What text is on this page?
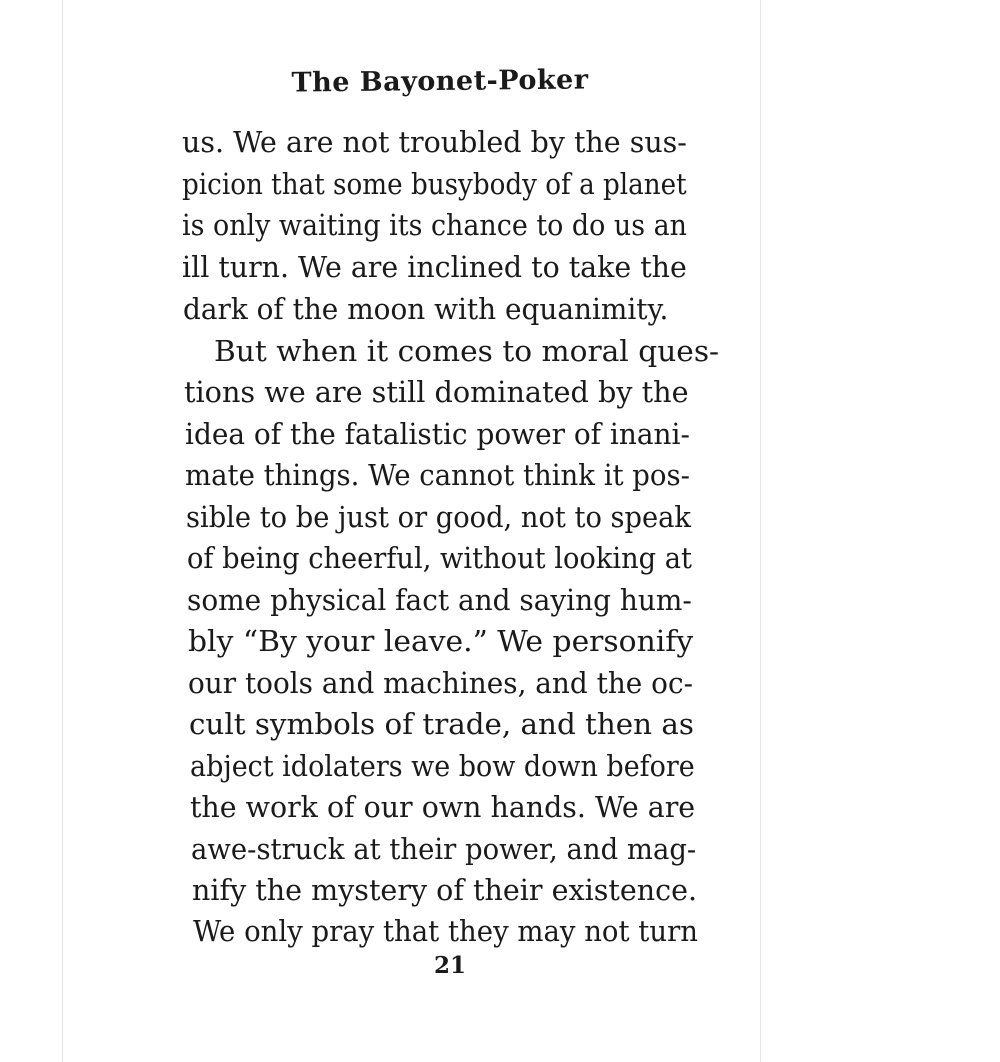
The Bayonet-Poker
us. We are not troubled by the sus-
picion that some busybody of a planet
is only waiting its chance to do us an
ill turn. We are inclined to take the
dark of the moon with equanimity.
But when it comes to moral ques-
tions we are still dominated by the
idea of the fatalistic power of inani-
mate things. We cannot think it pos-
sible to be just or good, not to speak
of being cheerful, without looking at
some physical fact and saying hum-
bly “By your leave.” We personify
our tools and machines, and the oc-
cult symbols of trade, and then as
abject idolaters we bow down before
the work of our own hands. We are
awe-struck at their power, and mag-
nify the mystery of their existence.
We only pray that they may not turn
21
